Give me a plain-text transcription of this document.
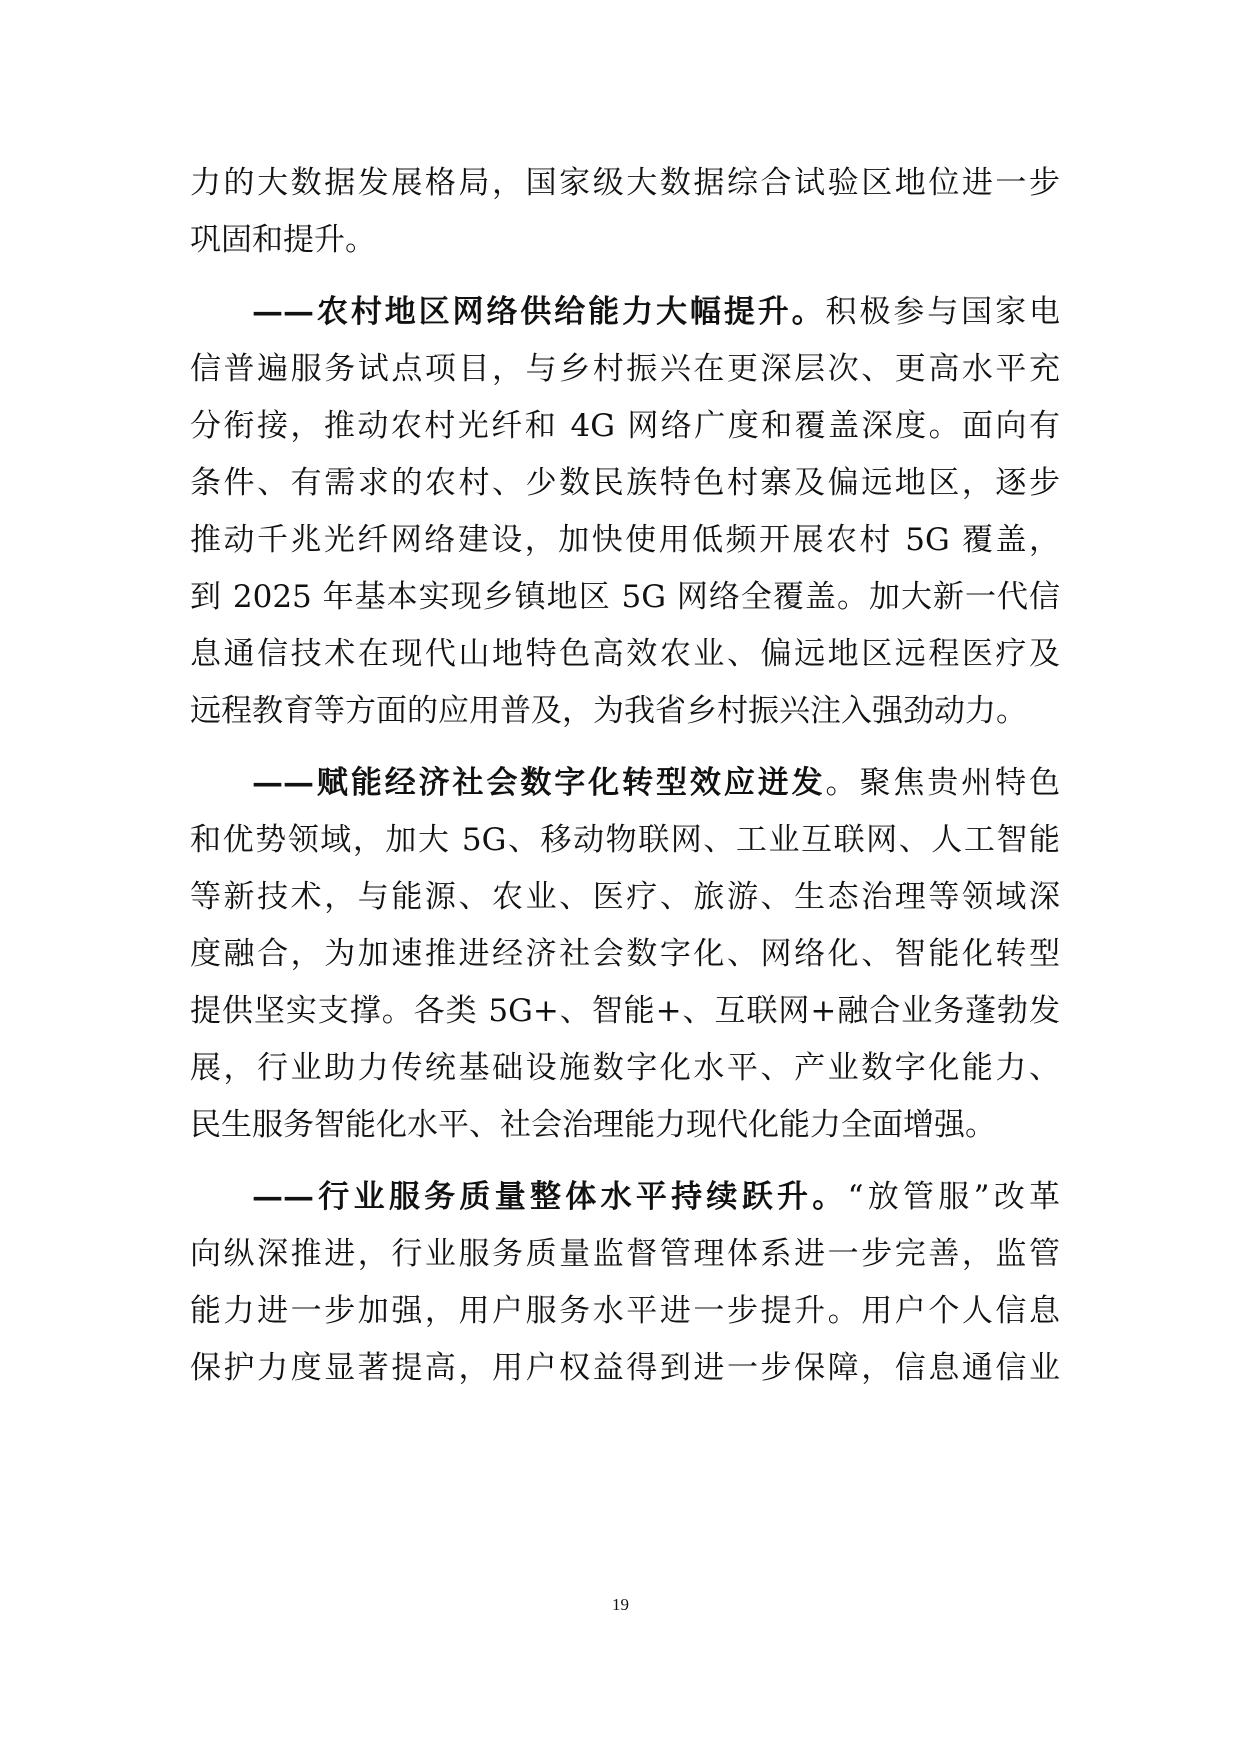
力的大数据发展格局，国家级大数据综合试验区地位进一步
巩固和提升。
——农村地区网络供给能力大幅提升。积极参与国家电
信普遍服务试点项目，与乡村振兴在更深层次、更高水平充
分衔接，推动农村光纤和 4G 网络广度和覆盖深度。面向有
条件、有需求的农村、少数民族特色村寨及偏远地区，逐步
推动千兆光纤网络建设，加快使用低频开展农村 5G 覆盖，
到 2025 年基本实现乡镇地区 5G 网络全覆盖。加大新一代信
息通信技术在现代山地特色高效农业、偏远地区远程医疗及
远程教育等方面的应用普及，为我省乡村振兴注入强劲动力。
——赋能经济社会数字化转型效应迸发。聚焦贵州特色
和优势领域，加大 5G、移动物联网、工业互联网、人工智能
等新技术，与能源、农业、医疗、旅游、生态治理等领域深
度融合，为加速推进经济社会数字化、网络化、智能化转型
提供坚实支撑。各类 5G+、智能+、互联网+融合业务蓬勃发
展，行业助力传统基础设施数字化水平、产业数字化能力、
民生服务智能化水平、社会治理能力现代化能力全面增强。
——行业服务质量整体水平持续跃升。“放管服”改革
向纵深推进，行业服务质量监督管理体系进一步完善，监管
能力进一步加强，用户服务水平进一步提升。用户个人信息
保护力度显著提高，用户权益得到进一步保障，信息通信业
19
